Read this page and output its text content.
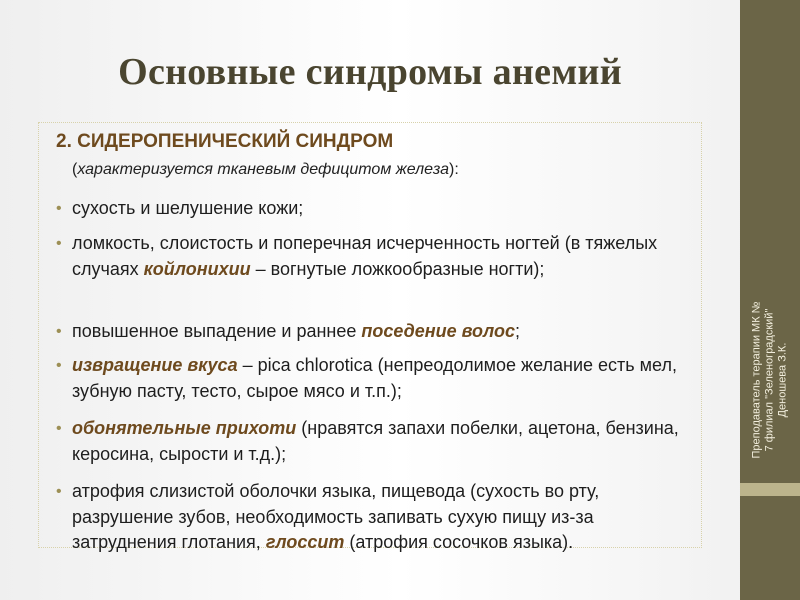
Преподаватель терапии МК № 7 филиал "Зеленоградский" Деношева З.К.
Основные синдромы анемий
2. СИДЕРОПЕНИЧЕСКИЙ СИНДРОМ
(характеризуется тканевым дефицитом железа):
• сухость и шелушение кожи;
• ломкость, слоистость и поперечная исчерченность ногтей (в тяжелых случаях койлонихии – вогнутые ложкообразные ногти);
• повышенное выпадение и раннее поседение волос;
• извращение вкуса – pica chlorotica (непреодолимое желание есть мел, зубную пасту, тесто, сырое мясо и т.п.);
• обонятельные прихоти (нравятся запахи побелки, ацетона, бензина, керосина, сырости и т.д.);
• атрофия слизистой оболочки языка, пищевода (сухость во рту, разрушение зубов, необходимость запивать сухую пищу из-за затруднения глотания, глоссит (атрофия сосочков языка).
